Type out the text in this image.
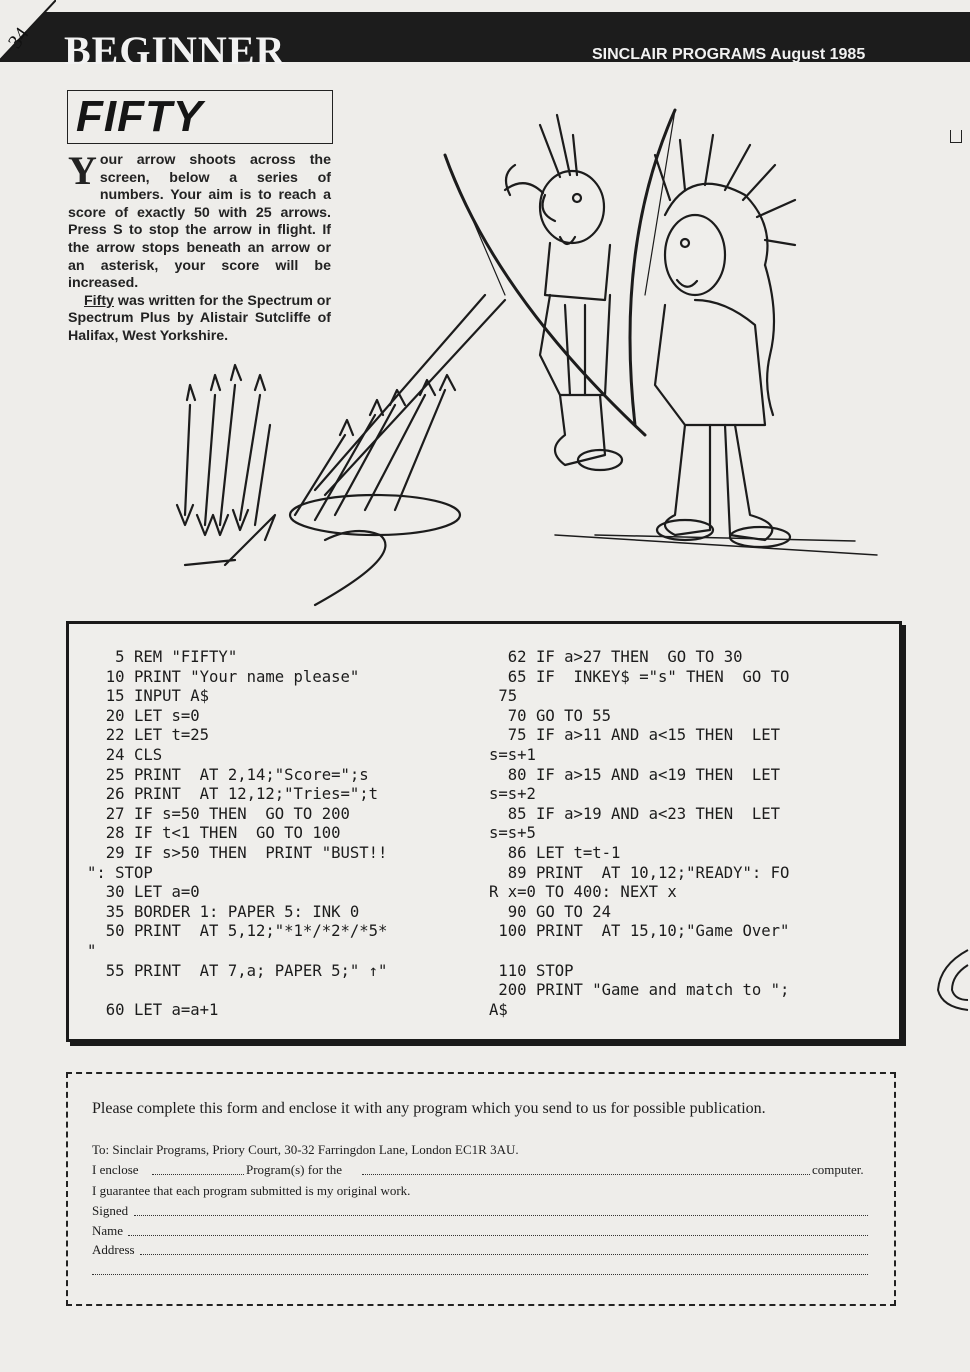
BEGINNER	SINCLAIR PROGRAMS August 1985
34
FIFTY

Your arrow shoots across the screen, below a series of numbers. Your aim is to reach a score of exactly 50 with 25 arrows. Press S to stop the arrow in flight. If the arrow stops beneath an arrow or an asterisk, your score will be increased.

Fifty was written for the Spectrum or Spectrum Plus by Alistair Sutcliffe of Halifax, West Yorkshire.

5 REM "FIFTY"
10 PRINT "Your name please"
15 INPUT A$
20 LET s=0
22 LET t=25
24 CLS
25 PRINT  AT 2,14;"Score=";s
26 PRINT  AT 12,12;"Tries=";t
27 IF s=50 THEN  GO TO 200
28 IF t<1 THEN  GO TO 100
29 IF s>50 THEN  PRINT "BUST!!
": STOP
30 LET a=0
35 BORDER 1: PAPER 5: INK 0
50 PRINT  AT 5,12;"*1*/*2*/*5*
"
55 PRINT  AT 7,a; PAPER 5;" ↑"

60 LET a=a+1
62 IF a>27 THEN  GO TO 30
65 IF  INKEY$ ="s" THEN  GO TO
75
70 GO TO 55
75 IF a>11 AND a<15 THEN  LET
s=s+1
80 IF a>15 AND a<19 THEN  LET
s=s+2
85 IF a>19 AND a<23 THEN  LET
s=s+5
86 LET t=t-1
89 PRINT  AT 10,12;"READY": FO
R x=0 TO 400: NEXT x
90 GO TO 24
100 PRINT  AT 15,10;"Game Over"

110 STOP
200 PRINT "Game and match to ";
A$
Please complete this form and enclose it with any program which you send to us for possible publication.
To: Sinclair Programs, Priory Court, 30-32 Farringdon Lane, London EC1R 3AU.
I enclose	Program(s) for the	computer.
I guarantee that each program submitted is my original work.
Signed
Name
Address
